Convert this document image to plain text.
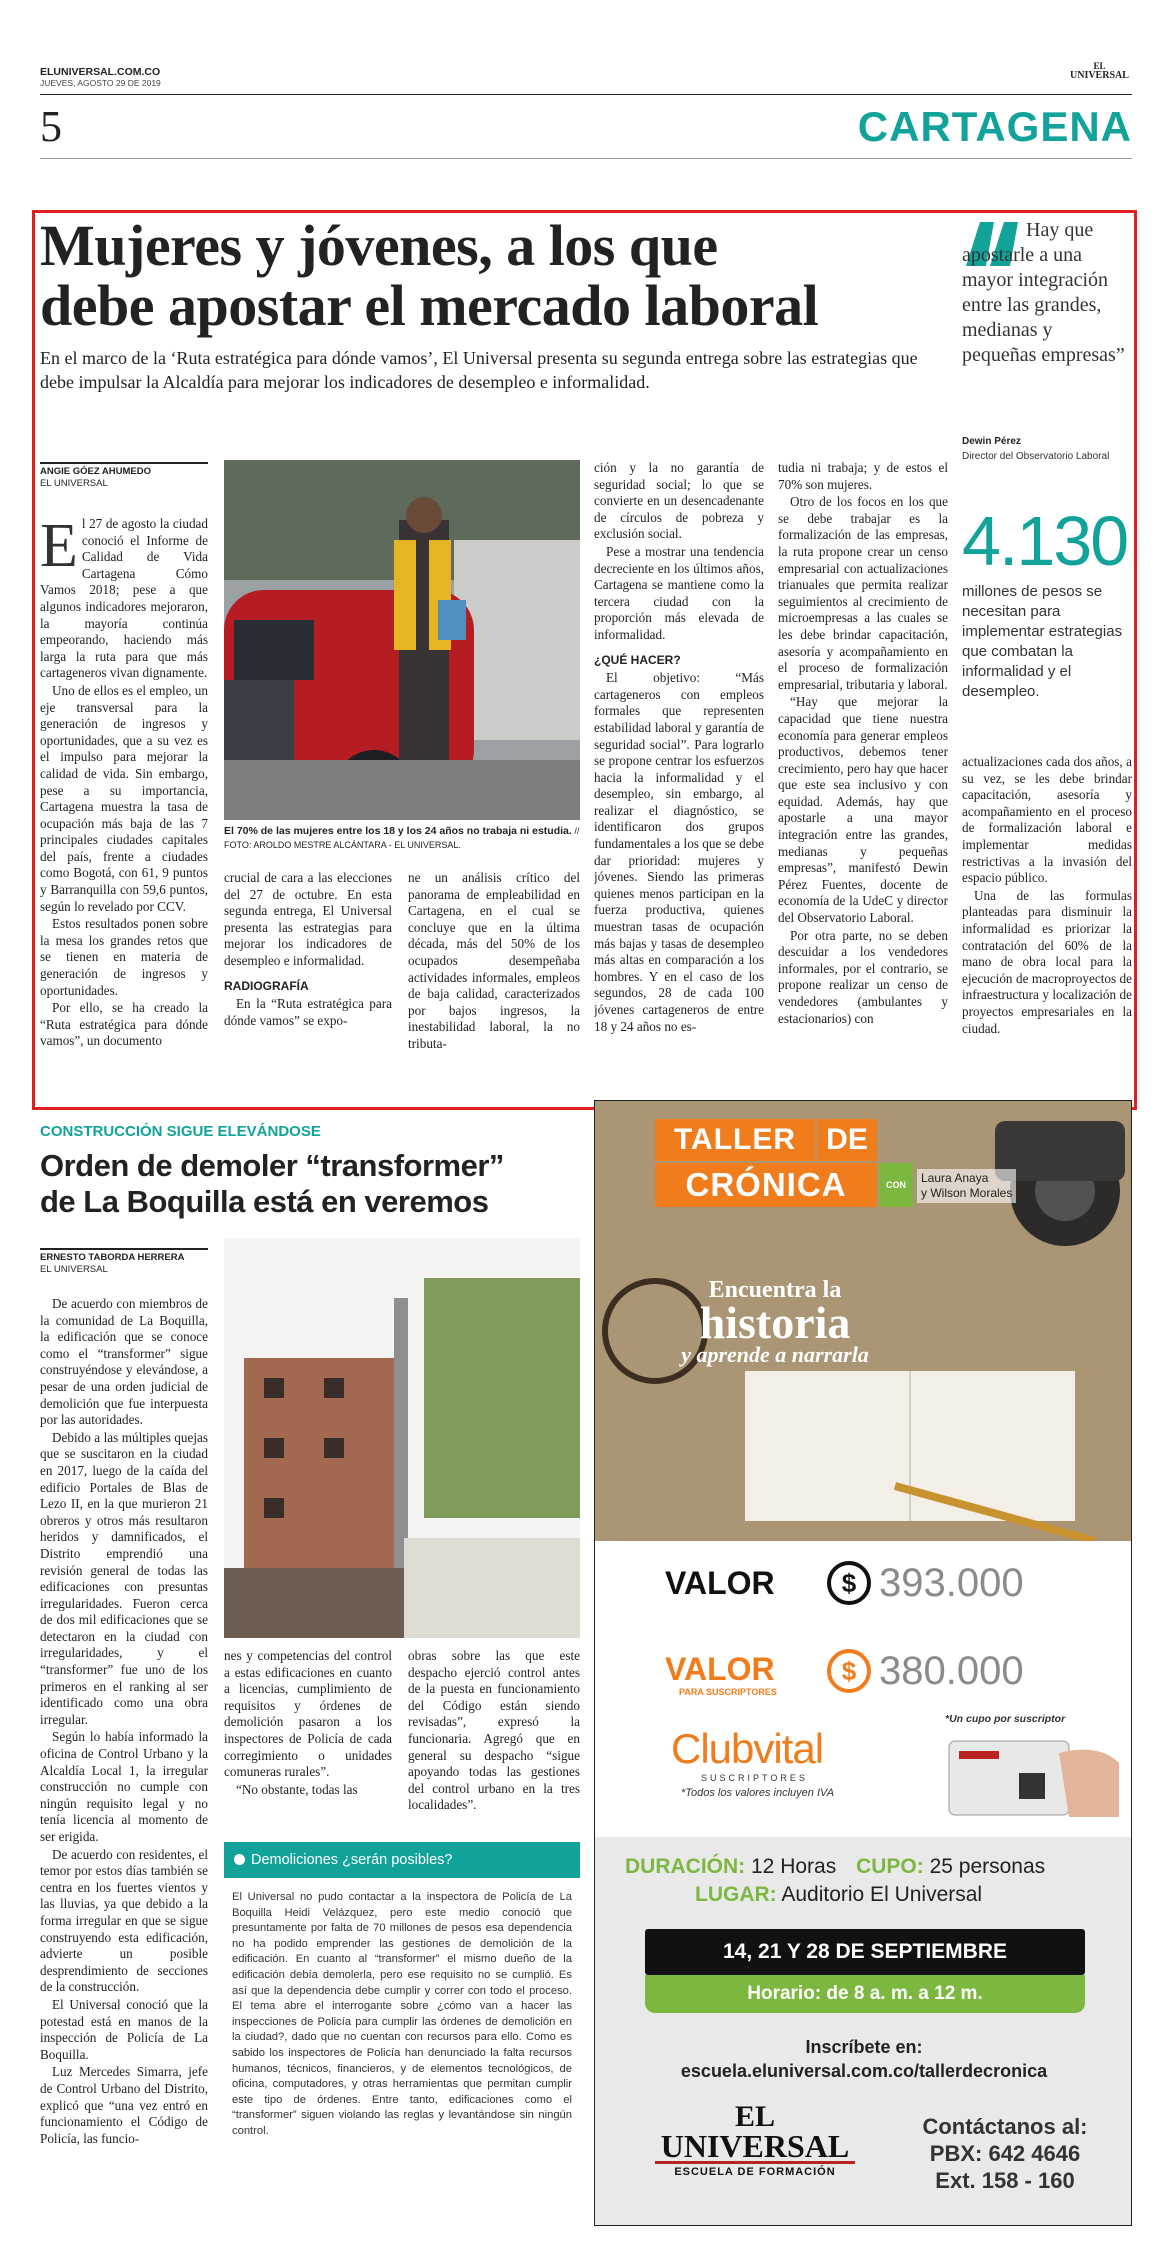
ELUNIVERSAL.COM.CO
JUEVES, AGOSTO 29 DE 2019
EL
UNIVERSAL
5	CARTAGENA
Mujeres y jóvenes, a los que
debe apostar el mercado laboral
En el marco de la ‘Ruta estratégica para dónde vamos’, El Universal presenta su segunda entrega sobre las estrategias que debe impulsar la Alcaldía para mejorar los indicadores de desempleo e informalidad.
Hay que apostarle a una mayor integración entre las grandes, medianas y pequeñas empresas”
Dewin Pérez
Director del Observatorio Laboral
4.130
millones de pesos se necesitan para implementar estrategias que combatan la informalidad y el desempleo.
ANGIE GÓEZ AHUMEDO
EL UNIVERSAL

El 27 de agosto la ciudad conoció el Informe de Calidad de Vida Cartagena Cómo Vamos 2018; pese a que algunos indicadores mejoraron, la mayoría continúa empeorando, haciendo más larga la ruta para que más cartageneros vivan dignamente.

Uno de ellos es el empleo, un eje transversal para la generación de ingresos y oportunidades, que a su vez es el impulso para mejorar la calidad de vida. Sin embargo, pese a su importancia, Cartagena muestra la tasa de ocupación más baja de las 7 principales ciudades capitales del país, frente a ciudades como Bogotá, con 61, 9 puntos y Barranquilla con 59,6 puntos, según lo revelado por CCV.

Estos resultados ponen sobre la mesa los grandes retos que se tienen en materia de generación de ingresos y oportunidades.

Por ello, se ha creado la “Ruta estratégica para dónde vamos”, un documento

El 70% de las mujeres entre los 18 y los 24 años no trabaja ni estudia. // FOTO: AROLDO MESTRE ALCÁNTARA - EL UNIVERSAL.

crucial de cara a las elecciones del 27 de octubre. En esta segunda entrega, El Universal presenta las estrategias para mejorar los indicadores de desempleo e informalidad.

RADIOGRAFÍA

En la “Ruta estratégica para dónde vamos” se expo-

ne un análisis crítico del panorama de empleabilidad en Cartagena, en el cual se concluye que en la última década, más del 50% de los ocupados desempeñaba actividades informales, empleos de baja calidad, caracterizados por bajos ingresos, la inestabilidad laboral, la no tributa-

ción y la no garantía de seguridad social; lo que se convierte en un desencadenante de círculos de pobreza y exclusión social.

Pese a mostrar una tendencia decreciente en los últimos años, Cartagena se mantiene como la tercera ciudad con la proporción más elevada de informalidad.

¿QUÉ HACER?

El objetivo: “Más cartageneros con empleos formales que representen estabilidad laboral y garantía de seguridad social”. Para lograrlo se propone centrar los esfuerzos hacia la informalidad y el desempleo, sin embargo, al realizar el diagnóstico, se identificaron dos grupos fundamentales a los que se debe dar prioridad: mujeres y jóvenes. Siendo las primeras quienes menos participan en la fuerza productiva, quienes muestran tasas de ocupación más bajas y tasas de desempleo más altas en comparación a los hombres. Y en el caso de los segundos, 28 de cada 100 jóvenes cartageneros de entre 18 y 24 años no es-

tudia ni trabaja; y de estos el 70% son mujeres.

Otro de los focos en los que se debe trabajar es la formalización de las empresas, la ruta propone crear un censo empresarial con actualizaciones trianuales que permita realizar seguimientos al crecimiento de microempresas a las cuales se les debe brindar capacitación, asesoría y acompañamiento en el proceso de formalización empresarial, tributaria y laboral.

“Hay que mejorar la capacidad que tiene nuestra economía para generar empleos productivos, debemos tener crecimiento, pero hay que hacer que este sea inclusivo y con equidad. Además, hay que apostarle a una mayor integración entre las grandes, medianas y pequeñas empresas”, manifestó Dewin Pérez Fuentes, docente de economía de la UdeC y director del Observatorio Laboral.

Por otra parte, no se deben descuidar a los vendedores informales, por el contrario, se propone realizar un censo de vendedores (ambulantes y estacionarios) con

actualizaciones cada dos años, a su vez, se les debe brindar capacitación, asesoría y acompañamiento en el proceso de formalización laboral e implementar medidas restrictivas a la invasión del espacio público.

Una de las formulas planteadas para disminuir la informalidad es priorizar la contratación del 60% de la mano de obra local para la ejecución de macroproyectos de infraestructura y localización de proyectos empresariales en la ciudad.

CONSTRUCCIÓN SIGUE ELEVÁNDOSE
Orden de demoler “transformer”
de La Boquilla está en veremos
ERNESTO TABORDA HERRERA
EL UNIVERSAL

De acuerdo con miembros de la comunidad de La Boquilla, la edificación que se conoce como el “transformer” sigue construyéndose y elevándose, a pesar de una orden judicial de demolición que fue interpuesta por las autoridades.

Debido a las múltiples quejas que se suscitaron en la ciudad en 2017, luego de la caída del edificio Portales de Blas de Lezo II, en la que murieron 21 obreros y otros más resultaron heridos y damnificados, el Distrito emprendió una revisión general de todas las edificaciones con presuntas irregularidades. Fueron cerca de dos mil edificaciones que se detectaron en la ciudad con irregularidades, y el “transformer” fue uno de los primeros en el ranking al ser identificado como una obra irregular.

Según lo había informado la oficina de Control Urbano y la Alcaldía Local 1, la irregular construcción no cumple con ningún requisito legal y no tenía licencia al momento de ser erigida.

De acuerdo con residentes, el temor por estos días también se centra en los fuertes vientos y las lluvias, ya que debido a la forma irregular en que se sigue construyendo esta edificación, advierte un posible desprendimiento de secciones de la construcción.

El Universal conoció que la potestad está en manos de la inspección de Policía de La Boquilla.

Luz Mercedes Simarra, jefe de Control Urbano del Distrito, explicó que “una vez entró en funcionamiento el Código de Policía, las funcio-

nes y competencias del control a estas edificaciones en cuanto a licencias, cumplimiento de requisitos y órdenes de demolición pasaron a los inspectores de Policía de cada corregimiento o unidades comuneras rurales”.

“No obstante, todas las

obras sobre las que este despacho ejerció control antes de la puesta en funcionamiento del Código están siendo revisadas”, expresó la funcionaria. Agregó que en general su despacho “sigue apoyando todas las gestiones del control urbano en la tres localidades”.

Demoliciones ¿serán posibles?
El Universal no pudo contactar a la inspectora de Policía de La Boquilla Heidi Velázquez, pero este medio conoció que presuntamente por falta de 70 millones de pesos esa dependencia no ha podido emprender las gestiones de demolición de la edificación. En cuanto al “transformer” el mismo dueño de la edificación debía demolerla, pero ese requisito no se cumplió. Es así que la dependencia debe cumplir y correr con todo el proceso. El tema abre el interrogante sobre ¿cómo van a hacer las inspecciones de Policía para cumplir las órdenes de demolición en la ciudad?, dado que no cuentan con recursos para ello. Como es sabido los inspectores de Policía han denunciado la falta recursos humanos, técnicos, financieros, y de elementos tecnológicos, de oficina, computadores, y otras herramientas que permitan cumplir este tipo de órdenes. Entre tanto, edificaciones como el “transformer” siguen violando las reglas y levantándose sin ningún control.
TALLER	DE
CRÓNICA	CON	Laura Anaya
y Wilson Morales
Encuentra la
historia
y aprende a narrarla
VALOR	$ 393.000
VALOR
PARA SUSCRIPTORES
$ 380.000
*Un cupo por suscriptor
Clubvital
SUSCRIPTORES
*Todos los valores incluyen IVA
DURACIÓN: 12 Horas CUPO: 25 personas
LUGAR: Auditorio El Universal
14, 21 Y 28 DE SEPTIEMBRE
Horario: de 8 a. m. a 12 m.
Inscríbete en:
escuela.eluniversal.com.co/tallerdecronica
EL
UNIVERSAL
ESCUELA DE FORMACIÓN
Contáctanos al:
PBX: 642 4646
Ext. 158 - 160
